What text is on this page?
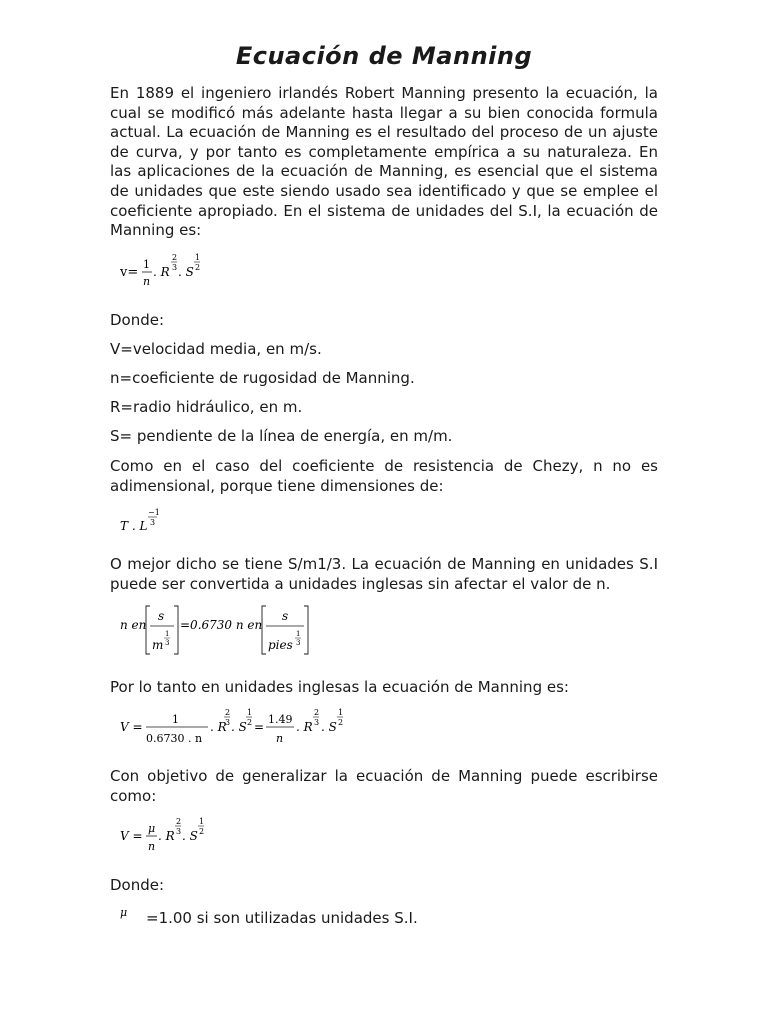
Ecuación de Manning
En 1889 el ingeniero irlandés Robert Manning presento la ecuación, la cual se modificó más adelante hasta llegar a su bien conocida formula actual. La ecuación de Manning es el resultado del proceso de un ajuste de curva, y por tanto es completamente empírica a su naturaleza. En las aplicaciones de la ecuación de Manning, es esencial que el sistema de unidades que este siendo usado sea identificado y que se emplee el coeficiente apropiado. En el sistema de unidades del S.I, la ecuación de Manning es:
v=
1
n
. R
2
3 . S
1
2
Donde:
V=velocidad media, en m/s.
n=coeficiente de rugosidad de Manning.
R=radio hidráulico, en m.
S= pendiente de la línea de energía, en m/m.
Como en el caso del coeficiente de resistencia de Chezy, n no es adimensional, porque tiene dimensiones de:
T . L
−1
3
O mejor dicho se tiene S/m1/3. La ecuación de Manning en unidades S.I puede ser convertida a unidades inglesas sin afectar el valor de n.
n en
s
m
1
3
=0.6730 n en
s
pies
1
3
Por lo tanto en unidades inglesas la ecuación de Manning es:
V =
1
0.6730 . n
. R
2
3 . S
1
2 =
1.49
n
. R
2
3 . S
1
2
Con objetivo de generalizar la ecuación de Manning puede escribirse como:
V =
μ
n
. R
2
3 . S
1
2
Donde:
μ =1.00 si son utilizadas unidades S.I.
